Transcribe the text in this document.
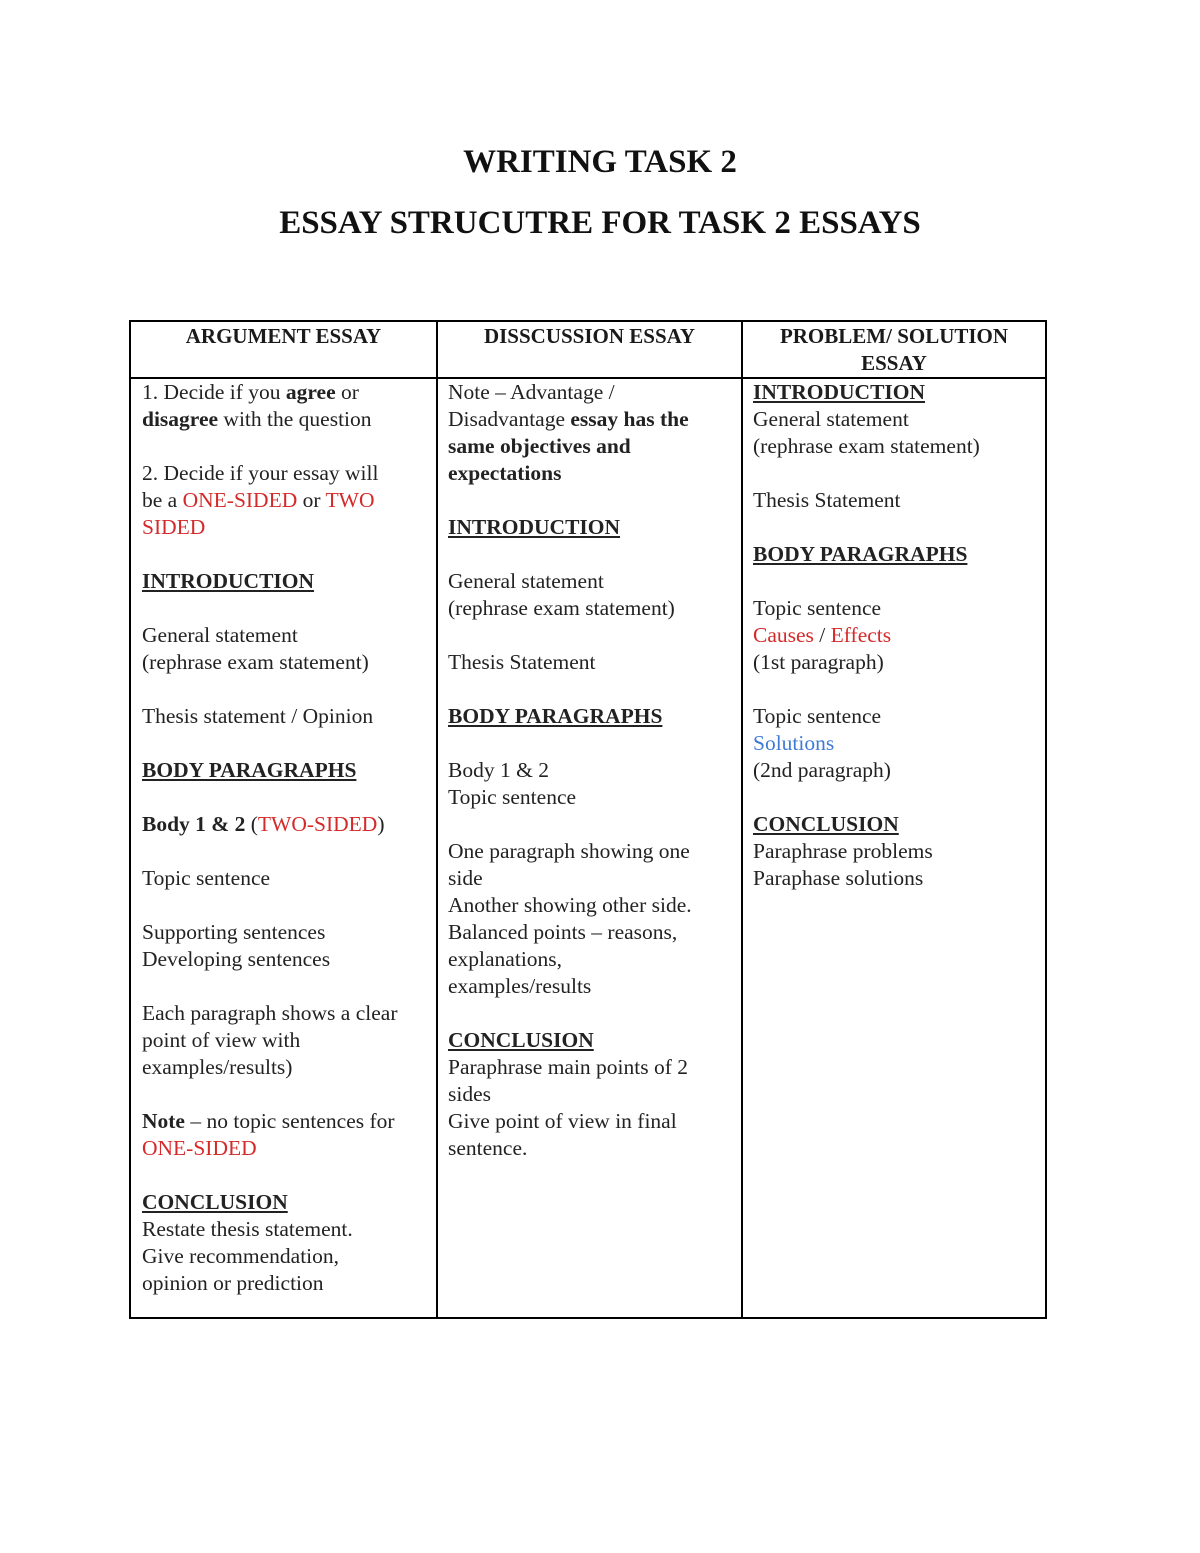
WRITING TASK 2
ESSAY STRUCUTRE FOR TASK 2 ESSAYS
ARGUMENT ESSAY	DISSCUSSION ESSAY	PROBLEM/ SOLUTION
ESSAY
1. Decide if you agree or
disagree with the question
2. Decide if your essay will
be a ONE-SIDED or TWO
SIDED
INTRODUCTION
General statement
(rephrase exam statement)
Thesis statement / Opinion
BODY PARAGRAPHS
Body 1 & 2 (TWO-SIDED)
Topic sentence
Supporting sentences
Developing sentences
Each paragraph shows a clear
point of view with
examples/results)
Note – no topic sentences for
ONE-SIDED
CONCLUSION
Restate thesis statement.
Give recommendation,
opinion or prediction
Note – Advantage /
Disadvantage essay has the
same objectives and
expectations
INTRODUCTION
General statement
(rephrase exam statement)
Thesis Statement
BODY PARAGRAPHS
Body 1 & 2
Topic sentence
One paragraph showing one
side
Another showing other side.
Balanced points – reasons,
explanations,
examples/results
CONCLUSION
Paraphrase main points of 2
sides
Give point of view in final
sentence.
INTRODUCTION
General statement
(rephrase exam statement)
Thesis Statement
BODY PARAGRAPHS
Topic sentence
Causes / Effects
(1st paragraph)
Topic sentence
Solutions
(2nd paragraph)
CONCLUSION
Paraphrase problems
Paraphase solutions
